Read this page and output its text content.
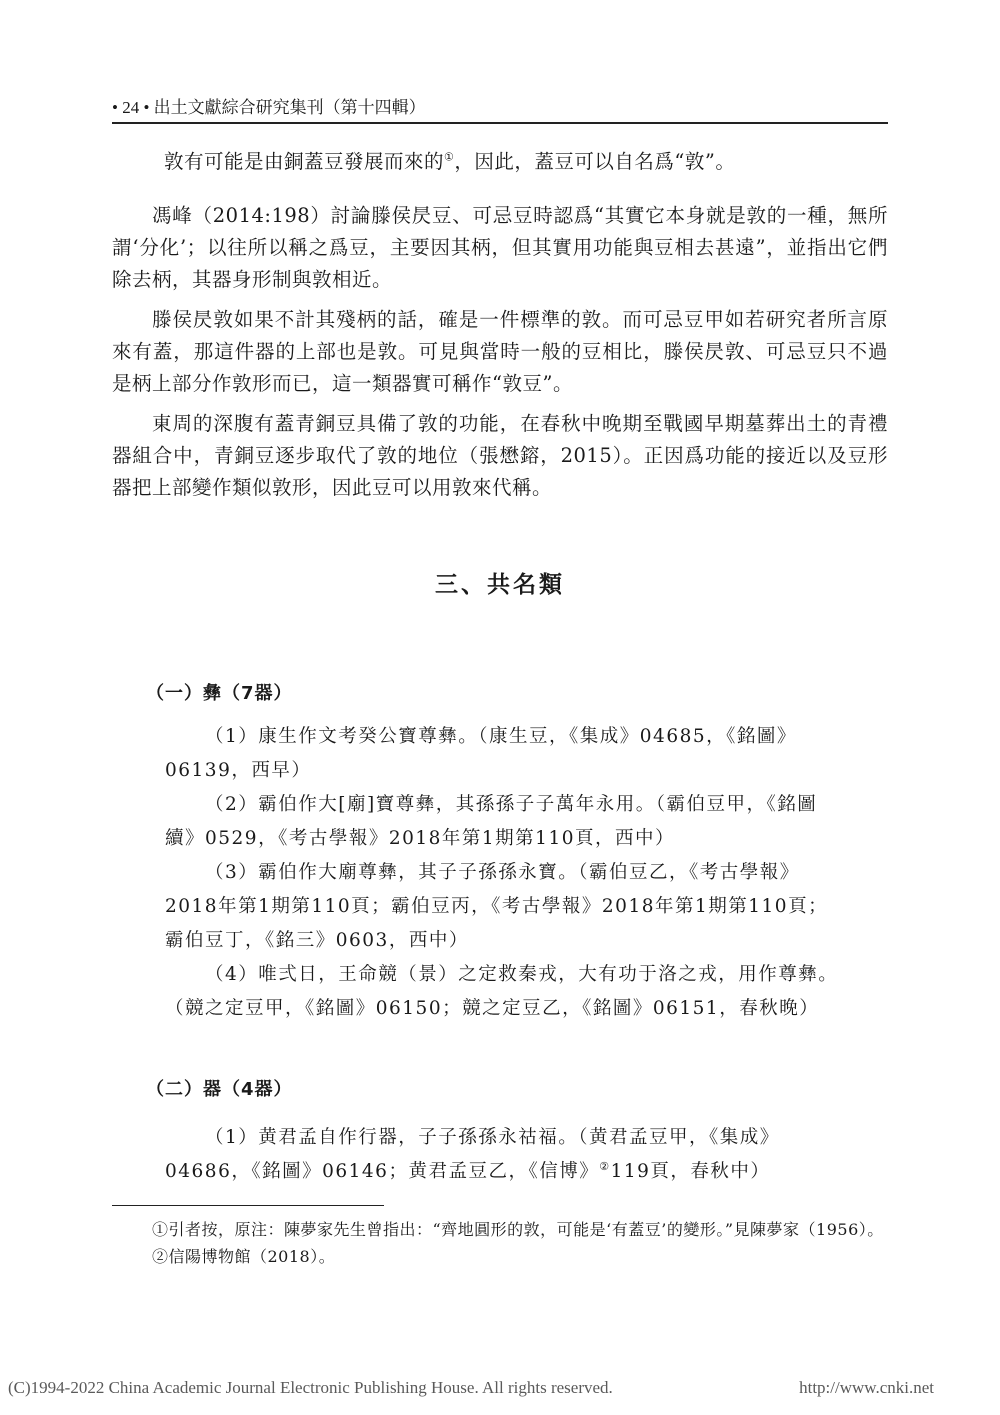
• 24 • 出土文獻綜合研究集刊（第十四輯）
敦有可能是由銅蓋豆發展而來的①，因此，蓋豆可以自名爲“敦”。

馮峰（2014:198）討論滕侯昃豆、可忌豆時認爲“其實它本身就是敦的一種，無所謂‘分化’；以往所以稱之爲豆，主要因其柄，但其實用功能與豆相去甚遠”，並指出它們除去柄，其器身形制與敦相近。

滕侯昃敦如果不計其殘柄的話，確是一件標準的敦。而可忌豆甲如若研究者所言原來有蓋，那這件器的上部也是敦。可見與當時一般的豆相比，滕侯昃敦、可忌豆只不過是柄上部分作敦形而已，這一類器實可稱作“敦豆”。

東周的深腹有蓋青銅豆具備了敦的功能，在春秋中晚期至戰國早期墓葬出土的青禮器組合中，青銅豆逐步取代了敦的地位（張懋鎔，2015）。正因爲功能的接近以及豆形器把上部變作類似敦形，因此豆可以用敦來代稱。

三、共名類
（一）彝（7器）

（1）康生作文考癸公寶尊彝。（康生豆，《集成》04685，《銘圖》06139，西早）

（2）霸伯作大[廟]寶尊彝，其孫孫子子萬年永用。（霸伯豆甲，《銘圖續》0529，《考古學報》2018年第1期第110頁，西中）

（3）霸伯作大廟尊彝，其子子孫孫永寶。（霸伯豆乙，《考古學報》2018年第1期第110頁；霸伯豆丙，《考古學報》2018年第1期第110頁；霸伯豆丁，《銘三》0603，西中）

（4）唯弍日，王命競（景）之定救秦戎，大有功于洛之戎，用作尊彝。（競之定豆甲，《銘圖》06150；競之定豆乙，《銘圖》06151，春秋晚）

（二）器（4器）

（1）黄君孟自作行器，子子孫孫永祜福。（黄君孟豆甲，《集成》04686，《銘圖》06146；黄君孟豆乙，《信博》②119頁，春秋中）

①引者按，原注：陳夢家先生曾指出：“齊地圓形的敦，可能是‘有蓋豆’的變形。”見陳夢家（1956）。

②信陽博物館（2018）。

(C)1994-2022 China Academic Journal Electronic Publishing House. All rights reserved.	http://www.cnki.net
